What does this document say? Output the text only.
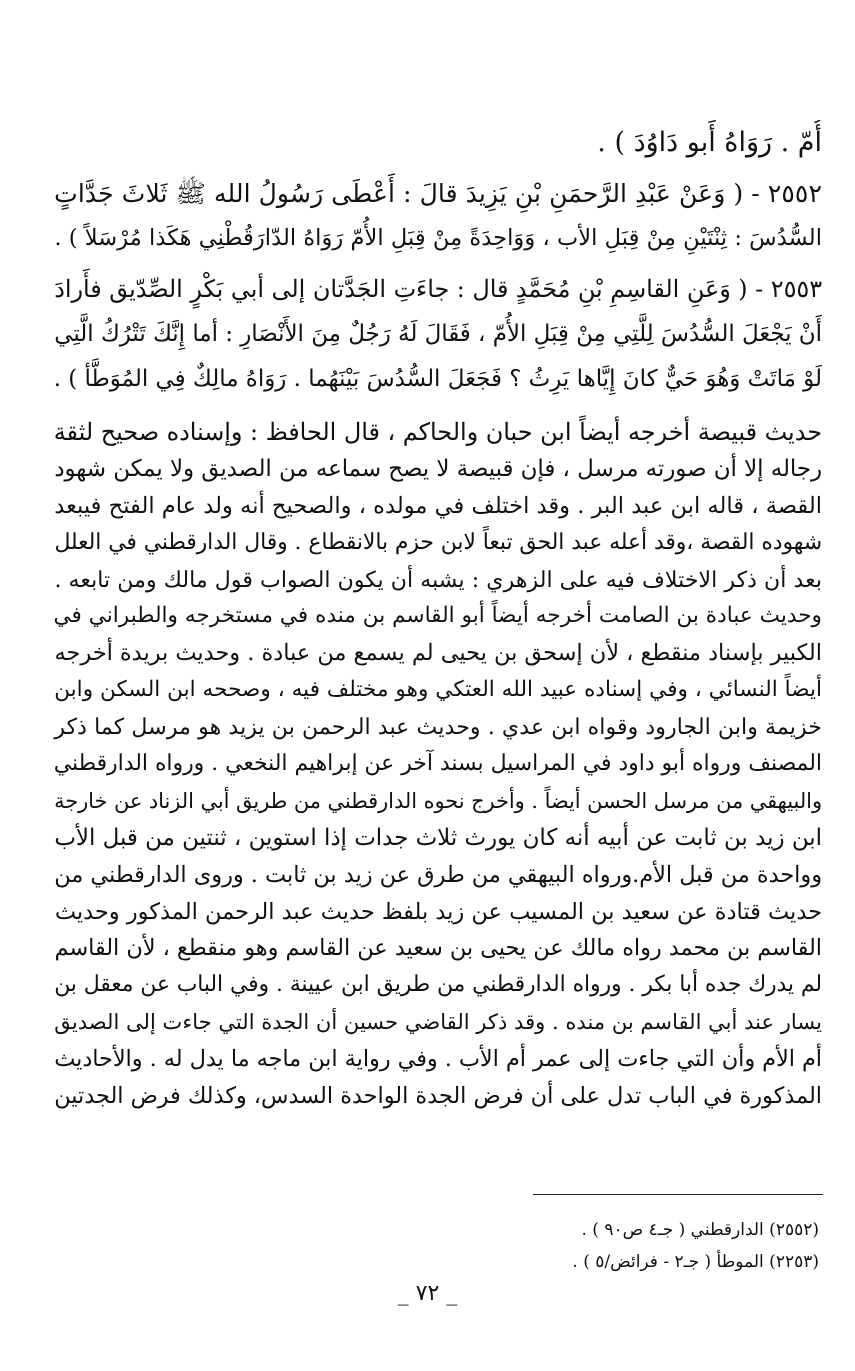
أُمّ . رَوَاهُ أَبو دَاوُدَ ) .
٢٥٥٢ - ( وَعَنْ عَبْدِ الرَّحمَنِ بْنِ يَزِيدَ قالَ : أَعْطَى رَسُولُ الله ﷺ ثَلاثَ جَدَّاتٍ
السُّدُسَ : ثِنْتَيْنِ مِنْ قِبَلِ الأب ، وَوَاحِدَةً مِنْ قِبَلِ الأُمّ رَوَاهُ الدّارَقُطْنِي هَكَذا مُرْسَلاً ) .
٢٥٥٣ - ( وَعَنِ القاسِمِ بْنِ مُحَمَّدٍ قال : جاءَتِ الجَدَّتان إلى أبي بَكْرٍ الصِّدّيق فأَرادَ
أَنْ يَجْعَلَ السُّدُسَ لِلَّتِي مِنْ قِبَلِ الأُمّ ، فَقَالَ لَهُ رَجُلٌ مِنَ الأَنْصَارِ : أما إِنَّكَ تَتْرُكُ الَّتِي
لَوْ مَاتَتْ وَهُوَ حَيٌّ كانَ إِيَّاها يَرِثُ ؟ فَجَعَلَ السُّدُسَ بَيْنَهُما . رَوَاهُ مالِكٌ فِي المُوَطَّأ ) .
حديث قبيصة أخرجه أيضاً ابن حبان والحاكم ، قال الحافظ : وإسناده صحيح لثقة
رجاله إلا أن صورته مرسل ، فإن قبيصة لا يصح سماعه من الصديق ولا يمكن شهود
القصة ، قاله ابن عبد البر . وقد اختلف في مولده ، والصحيح أنه ولد عام الفتح فيبعد
شهوده القصة ،وقد أعله عبد الحق تبعاً لابن حزم بالانقطاع . وقال الدارقطني في العلل
بعد أن ذكر الاختلاف فيه على الزهري : يشبه أن يكون الصواب قول مالك ومن تابعه .
وحديث عبادة بن الصامت أخرجه أيضاً أبو القاسم بن منده في مستخرجه والطبراني في
الكبير بإسناد منقطع ، لأن إسحق بن يحيى لم يسمع من عبادة . وحديث بريدة أخرجه
أيضاً النسائي ، وفي إسناده عبيد الله العتكي وهو مختلف فيه ، وصححه ابن السكن وابن
خزيمة وابن الجارود وقواه ابن عدي . وحديث عبد الرحمن بن يزيد هو مرسل كما ذكر
المصنف ورواه أبو داود في المراسيل بسند آخر عن إبراهيم النخعي . ورواه الدارقطني
والبيهقي من مرسل الحسن أيضاً . وأخرج نحوه الدارقطني من طريق أبي الزناد عن خارجة
ابن زيد بن ثابت عن أبيه أنه كان يورث ثلاث جدات إذا استوين ، ثنتين من قبل الأب
وواحدة من قبل الأم.ورواه البيهقي من طرق عن زيد بن ثابت . وروى الدارقطني من
حديث قتادة عن سعيد بن المسيب عن زيد بلفظ حديث عبد الرحمن المذكور وحديث
القاسم بن محمد رواه مالك عن يحيى بن سعيد عن القاسم وهو منقطع ، لأن القاسم
لم يدرك جده أبا بكر . ورواه الدارقطني من طريق ابن عيينة . وفي الباب عن معقل بن
يسار عند أبي القاسم بن منده . وقد ذكر القاضي حسين أن الجدة التي جاءت إلى الصديق
أم الأم وأن التي جاءت إلى عمر أم الأب . وفي رواية ابن ماجه ما يدل له . والأحاديث
المذكورة في الباب تدل على أن فرض الجدة الواحدة السدس، وكذلك فرض الجدتين
(٢٥٥٢) الدارقطني ( جـ٤ ص٩٠ ) .
(٢٢٥٣) الموطأ ( جـ٢ - فرائض/٥ ) .
_ ٧٢ _
